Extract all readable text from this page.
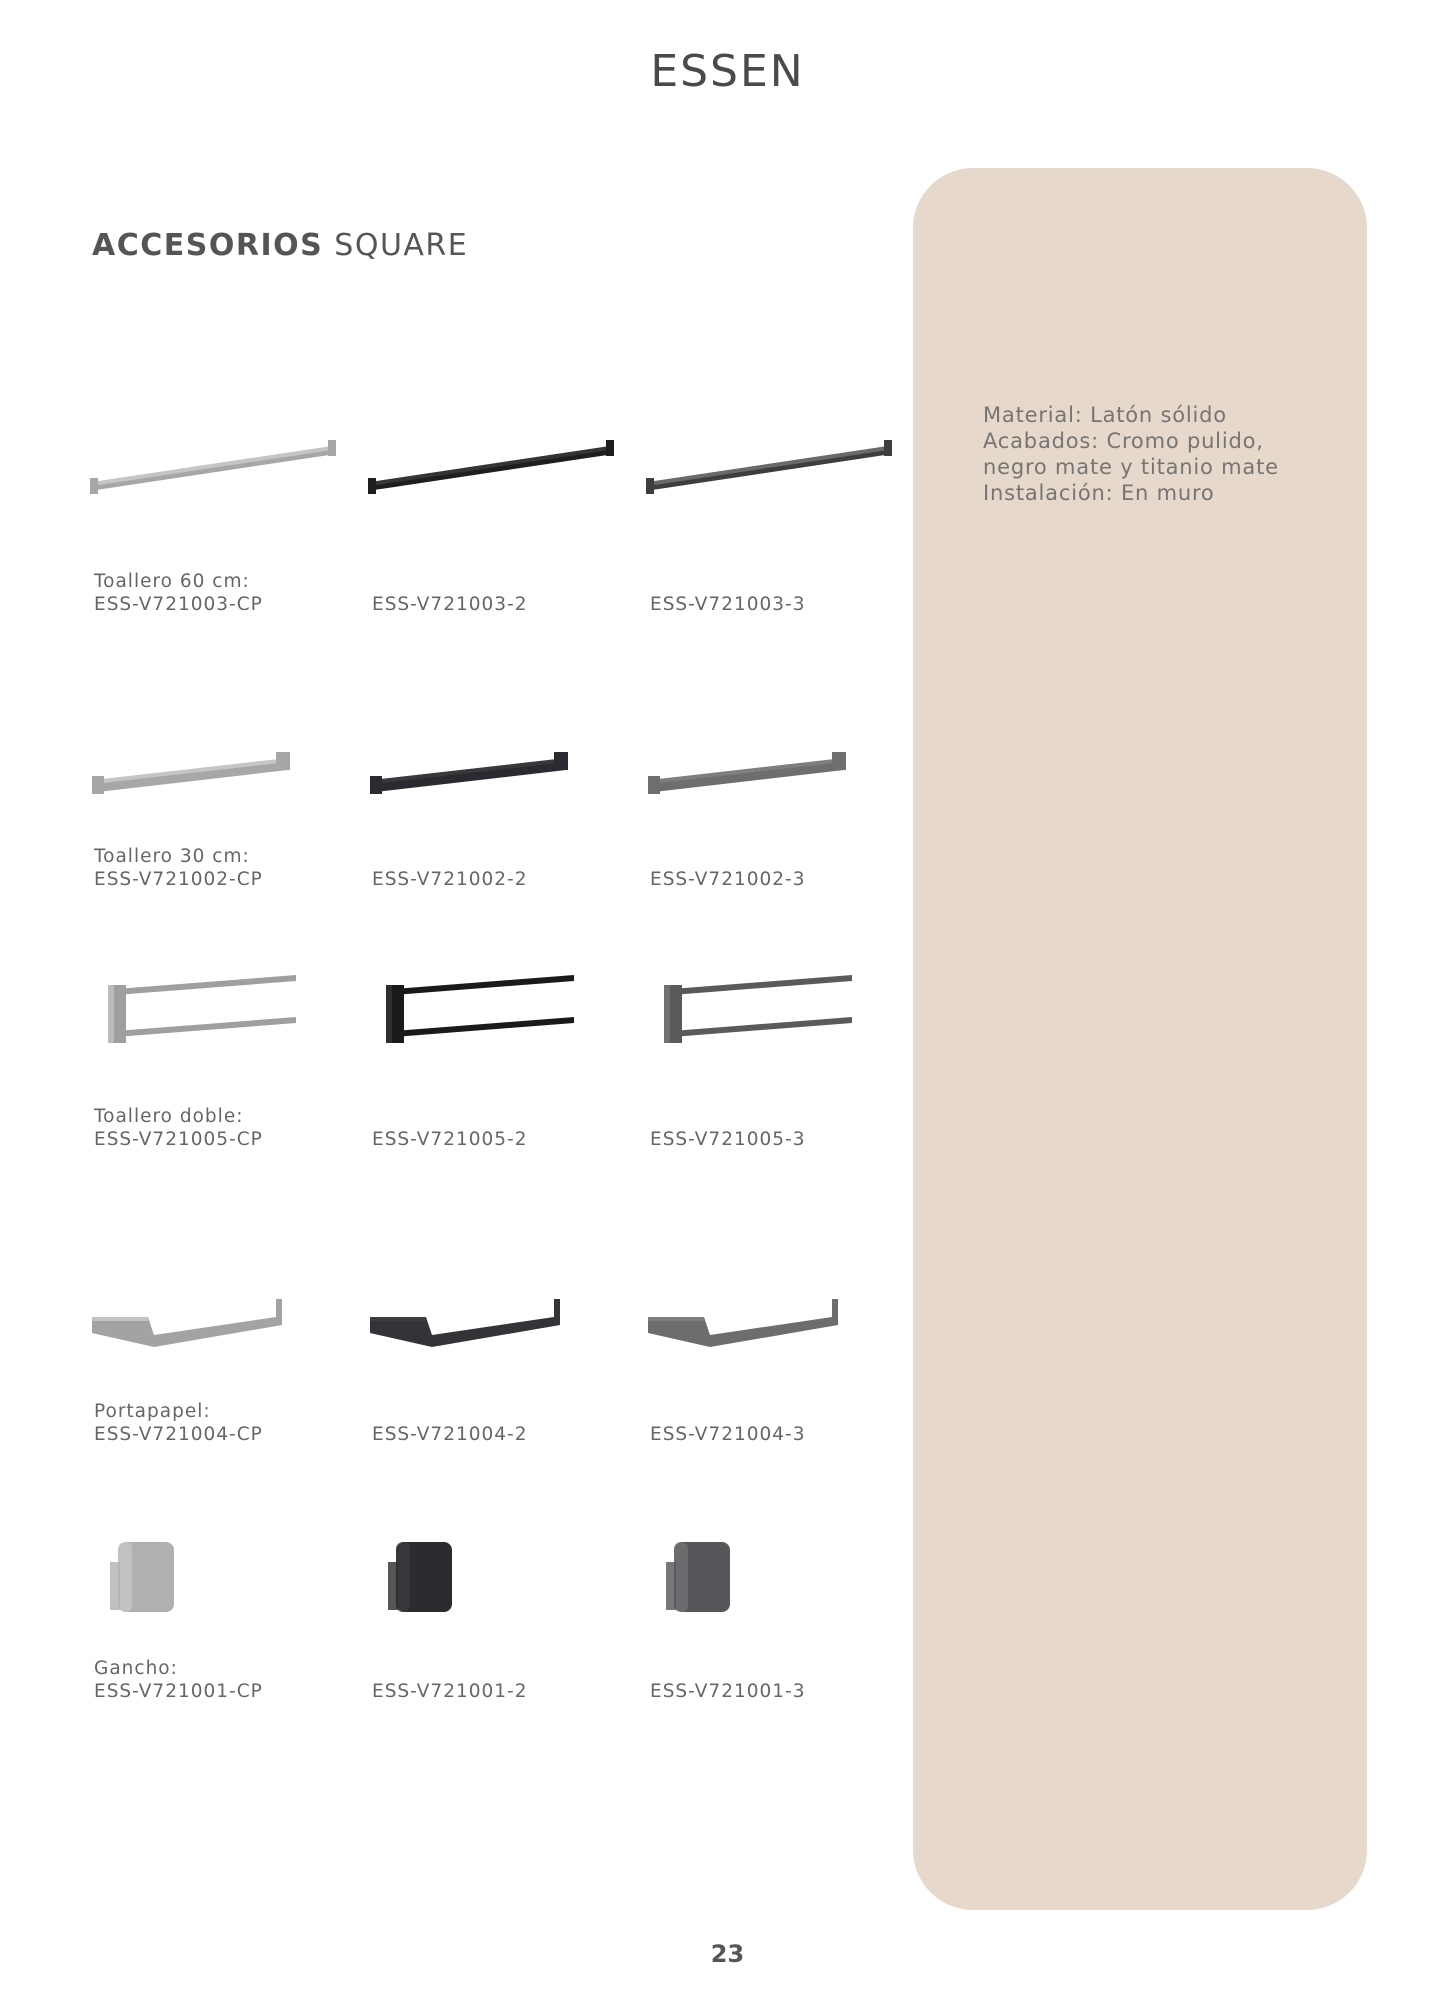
ESSEN
ACCESORIOS SQUARE
Material: Latón sólido
Acabados: Cromo pulido,
negro mate y titanio mate
Instalación: En muro
Toallero 60 cm:
ESS-V721003-CP
	ESS-V721003-2
	ESS-V721003-3
Toallero 30 cm:
ESS-V721002-CP
	ESS-V721002-2
	ESS-V721002-3
Toallero doble:
ESS-V721005-CP
	ESS-V721005-2
	ESS-V721005-3
Portapapel:
ESS-V721004-CP
	ESS-V721004-2
	ESS-V721004-3
Gancho:
ESS-V721001-CP
	ESS-V721001-2
	ESS-V721001-3
23
